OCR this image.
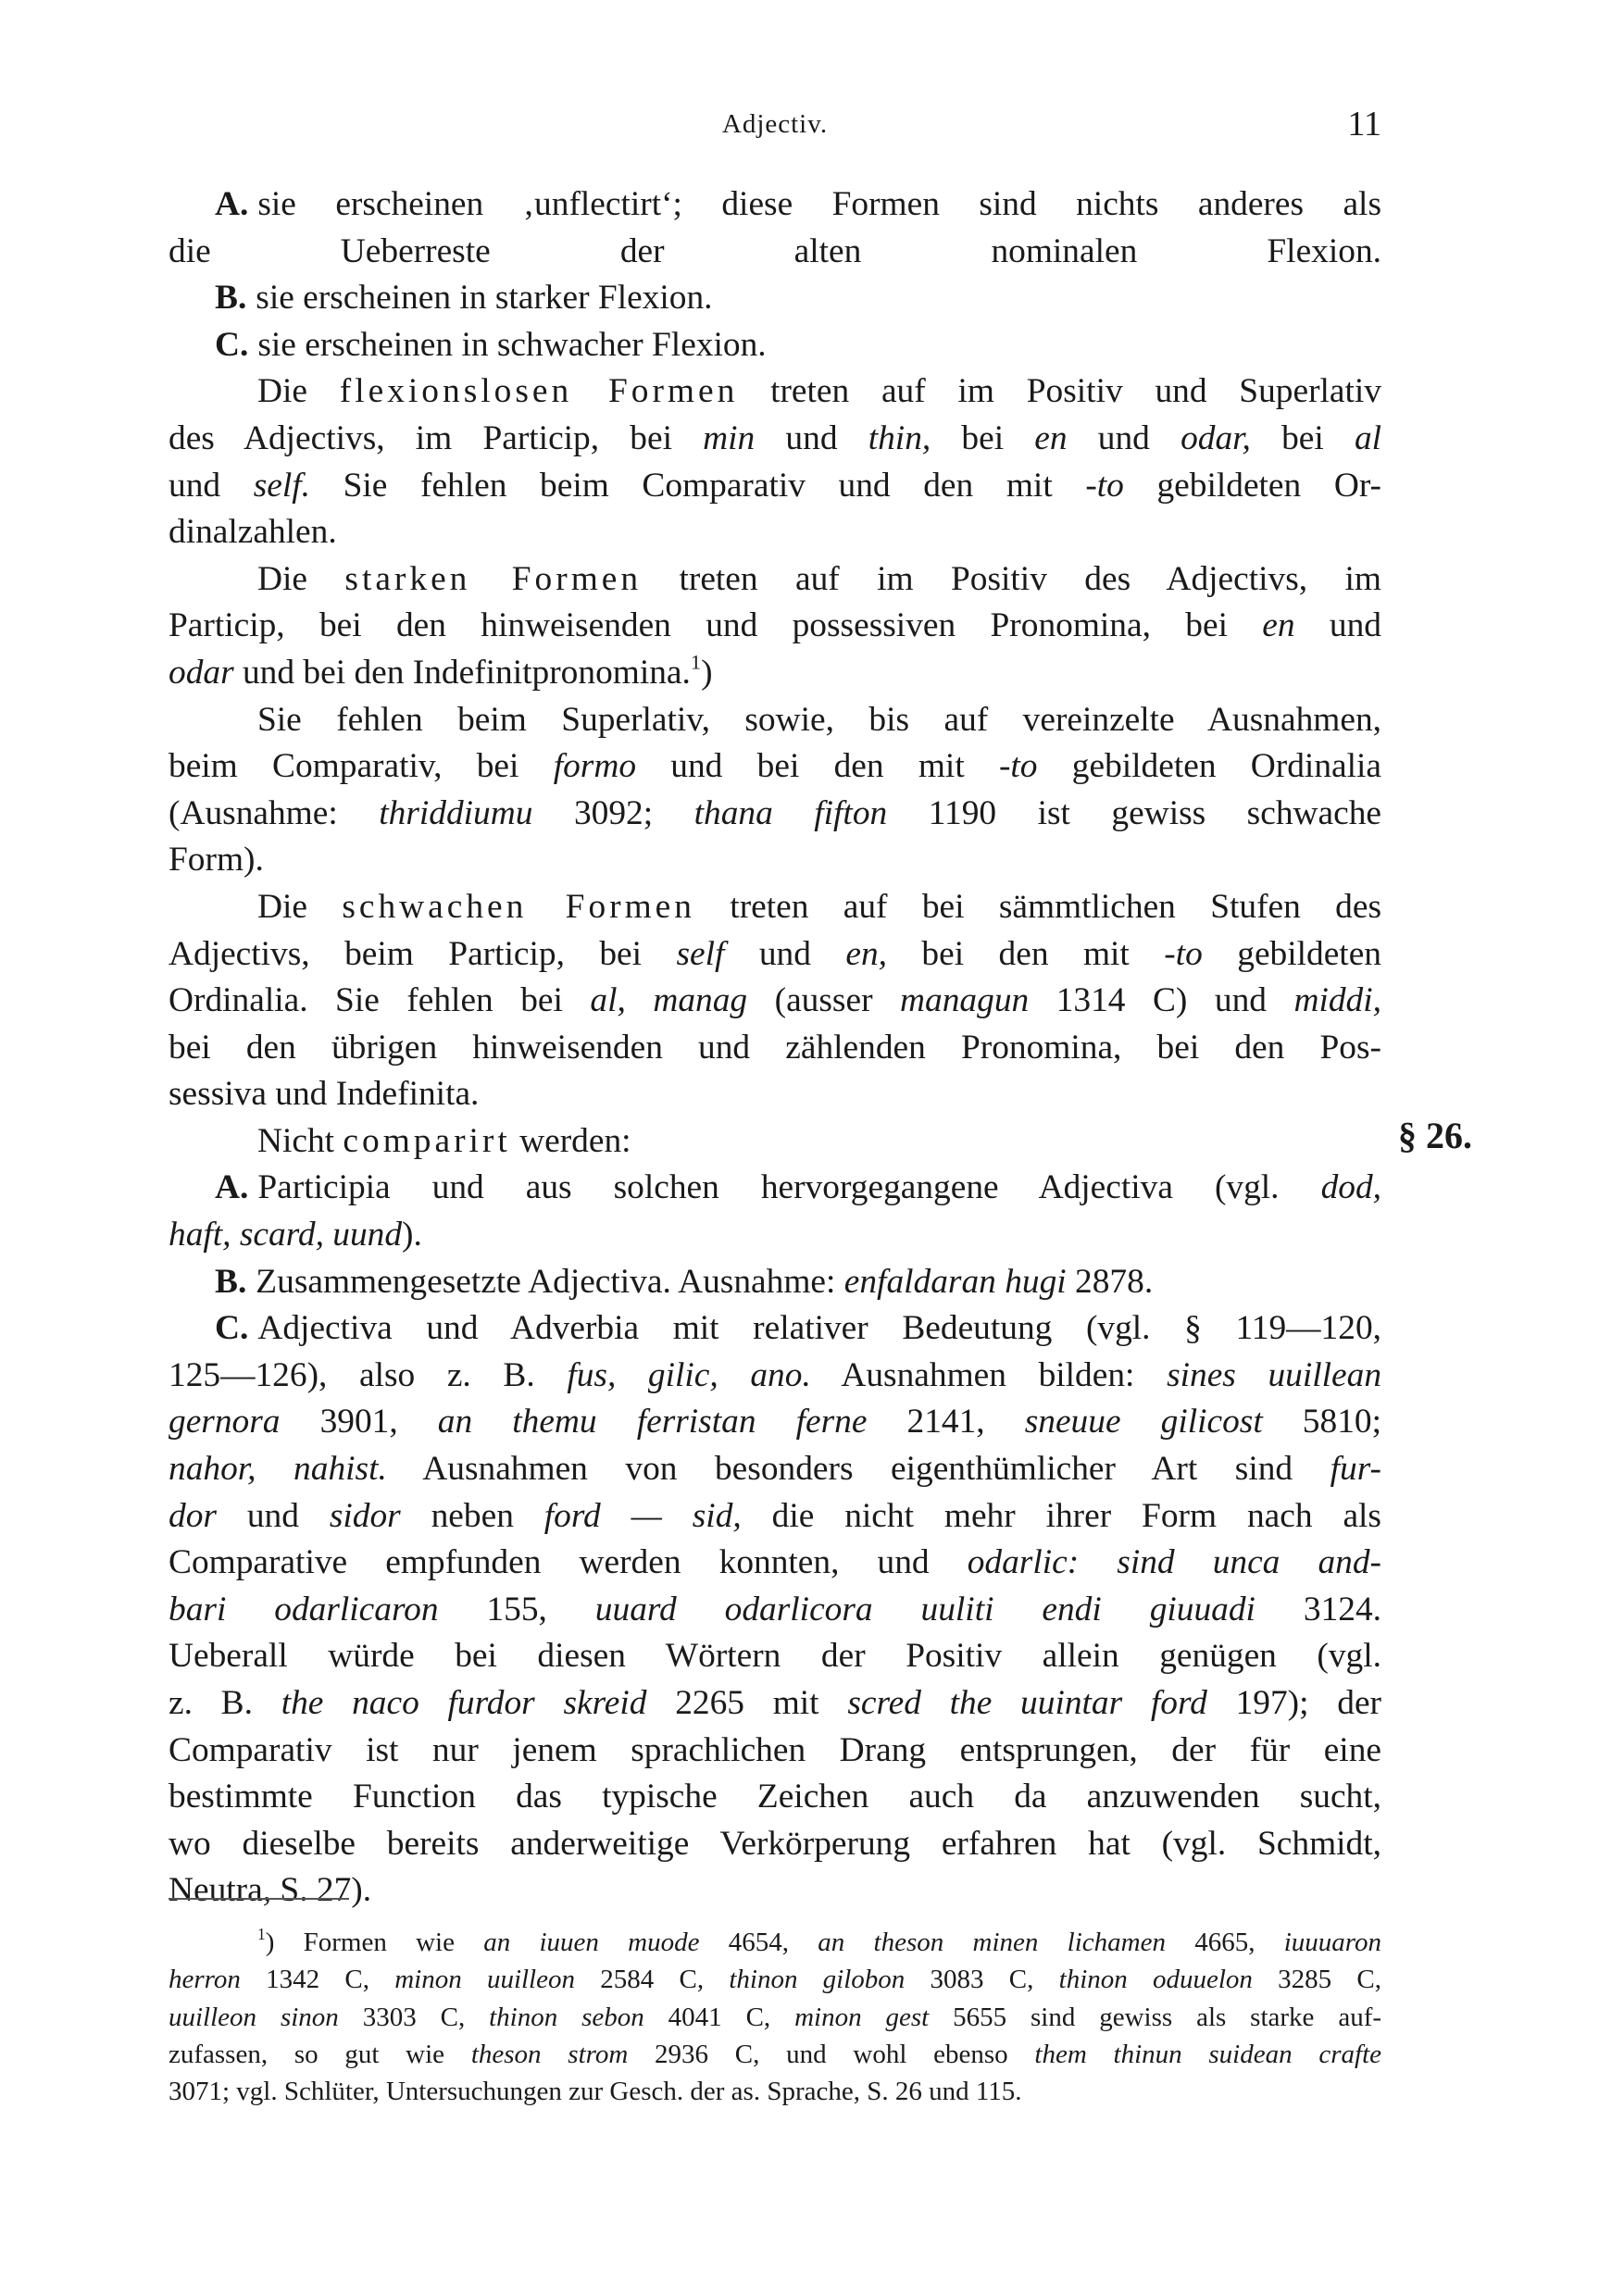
Adjectiv.	11
A. sie erscheinen ‚unflectirt‘; diese Formen sind nichts anderes als
die Ueberreste der alten nominalen Flexion.
B. sie erscheinen in starker Flexion.
C. sie erscheinen in schwacher Flexion.
Die flexionslosen Formen treten auf im Positiv und Superlativ
des Adjectivs, im Particip, bei min und thin, bei en und odar, bei al
und self. Sie fehlen beim Comparativ und den mit -to gebildeten Or-
dinalzahlen.
Die starken Formen treten auf im Positiv des Adjectivs, im
Particip, bei den hinweisenden und possessiven Pronomina, bei en und
odar und bei den Indefinitpronomina.$^1$)
Sie fehlen beim Superlativ, sowie, bis auf vereinzelte Ausnahmen,
beim Comparativ, bei formo und bei den mit -to gebildeten Ordinalia
(Ausnahme: thriddiumu 3092; thana fifton 1190 ist gewiss schwache
Form).
Die schwachen Formen treten auf bei sämmtlichen Stufen des
Adjectivs, beim Particip, bei self und en, bei den mit -to gebildeten
Ordinalia. Sie fehlen bei al, manag (ausser managun 1314 C) und middi,
bei den übrigen hinweisenden und zählenden Pronomina, bei den Pos-
sessiva und Indefinita.
Nicht comparirt werden:
A. Participia und aus solchen hervorgegangene Adjectiva (vgl. dod,
haft, scard, uund).
B. Zusammengesetzte Adjectiva. Ausnahme: enfaldaran hugi 2878.
C. Adjectiva und Adverbia mit relativer Bedeutung (vgl. § 119—120,
125—126), also z. B. fus, gilic, ano. Ausnahmen bilden: sines uuillean
gernora 3901, an themu ferristan ferne 2141, sneuue gilicost 5810;
nahor, nahist. Ausnahmen von besonders eigenthümlicher Art sind fur-
dor und sidor neben ford — sid, die nicht mehr ihrer Form nach als
Comparative empfunden werden konnten, und odarlic: sind unca and-
bari odarlicaron 155, uuard odarlicora uuliti endi giuuadi 3124.
Ueberall würde bei diesen Wörtern der Positiv allein genügen (vgl.
z. B. the naco furdor skreid 2265 mit scred the uuintar ford 197); der
Comparativ ist nur jenem sprachlichen Drang entsprungen, der für eine
bestimmte Function das typische Zeichen auch da anzuwenden sucht,
wo dieselbe bereits anderweitige Verkörperung erfahren hat (vgl. Schmidt,
Neutra, S. 27).
§ 26.
$^1$) Formen wie an iuuen muode 4654, an theson minen lichamen 4665, iuuuaron
herron 1342 C, minon uuilleon 2584 C, thinon gilobon 3083 C, thinon oduuelon 3285 C,
uuilleon sinon 3303 C, thinon sebon 4041 C, minon gest 5655 sind gewiss als starke auf-
zufassen, so gut wie theson strom 2936 C, und wohl ebenso them thinun suidean crafte
3071; vgl. Schlüter, Untersuchungen zur Gesch. der as. Sprache, S. 26 und 115.
